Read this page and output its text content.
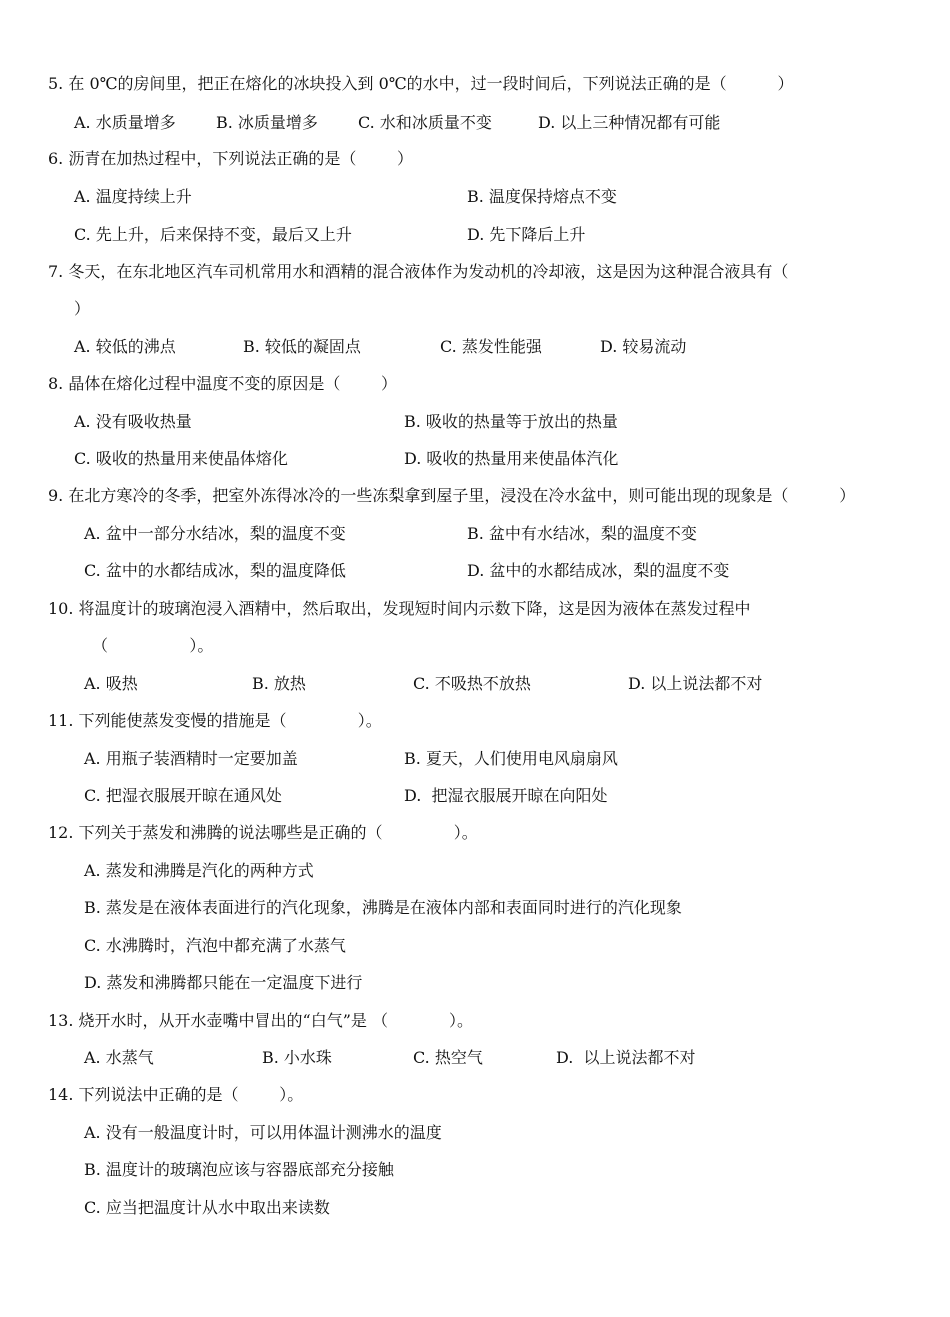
5. 在 0℃的房间里，把正在熔化的冰块投入到 0℃的水中，过一段时间后，下列说法正确的是（          ）
A. 水质量增多	B. 冰质量增多	C. 水和冰质量不变	D. 以上三种情况都有可能
6. 沥青在加热过程中，下列说法正确的是（        ）
A. 温度持续上升	B. 温度保持熔点不变
C. 先上升，后来保持不变，最后又上升	D. 先下降后上升
7. 冬天，在东北地区汽车司机常用水和酒精的混合液体作为发动机的冷却液，这是因为这种混合液具有（
）
A. 较低的沸点	B. 较低的凝固点	C. 蒸发性能强	D. 较易流动
8. 晶体在熔化过程中温度不变的原因是（        ）
A. 没有吸收热量	B. 吸收的热量等于放出的热量
C. 吸收的热量用来使晶体熔化	D. 吸收的热量用来使晶体汽化
9. 在北方寒冷的冬季，把室外冻得冰冷的一些冻梨拿到屋子里，浸没在冷水盆中，则可能出现的现象是（          ）
A. 盆中一部分水结冰，梨的温度不变	B. 盆中有水结冰，梨的温度不变
C. 盆中的水都结成冰，梨的温度降低	D. 盆中的水都结成冰，梨的温度不变
10. 将温度计的玻璃泡浸入酒精中，然后取出，发现短时间内示数下降，这是因为液体在蒸发过程中
（                ）。
A. 吸热	B. 放热	C. 不吸热不放热	D. 以上说法都不对
11. 下列能使蒸发变慢的措施是（              ）。
A. 用瓶子装酒精时一定要加盖	B. 夏天，人们使用电风扇扇风
C. 把湿衣服展开晾在通风处	D.  把湿衣服展开晾在向阳处
12. 下列关于蒸发和沸腾的说法哪些是正确的（              ）。
A. 蒸发和沸腾是汽化的两种方式
B. 蒸发是在液体表面进行的汽化现象，沸腾是在液体内部和表面同时进行的汽化现象
C. 水沸腾时，汽泡中都充满了水蒸气
D. 蒸发和沸腾都只能在一定温度下进行
13. 烧开水时，从开水壶嘴中冒出的“白气”是 （            ）。
A. 水蒸气	B. 小水珠	C. 热空气	D.  以上说法都不对
14. 下列说法中正确的是（        ）。
A. 没有一般温度计时，可以用体温计测沸水的温度
B. 温度计的玻璃泡应该与容器底部充分接触
C. 应当把温度计从水中取出来读数
